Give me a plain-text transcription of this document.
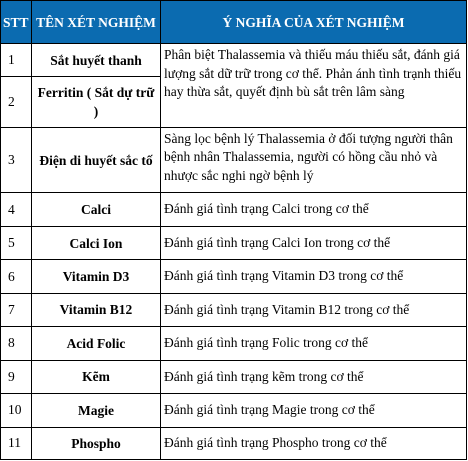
STT	TÊN XÉT NGHIỆM	Ý NGHĨA CỦA XÉT NGHIỆM
1	Sắt huyết thanh	Phân biệt Thalassemia và thiếu máu thiếu sắt, đánh giá lượng sắt dữ trữ trong cơ thể. Phản ánh tình trạnh thiếu hay thừa sắt, quyết định bù sắt trên lâm sàng
2	Ferritin ( Sắt dự trữ )	
3	Điện di huyết sắc tố	Sàng lọc bệnh lý Thalassemia ở đối tượng người thân bệnh nhân Thalassemia, người có hồng cầu nhỏ và nhược sắc nghi ngờ bệnh lý
4	Calci	Đánh giá tình trạng Calci trong cơ thể
5	Calci Ion	Đánh giá tình trạng Calci Ion trong cơ thể
6	Vitamin D3	Đánh giá tình trạng Vitamin D3 trong cơ thể
7	Vitamin B12	Đánh giá tình trạng Vitamin B12 trong cơ thể
8	Acid Folic	Đánh giá tình trạng Folic trong cơ thể
9	Kẽm	Đánh giá tình trạng kẽm trong cơ thể
10	Magie	Đánh giá tình trạng Magie trong cơ thể
11	Phospho	Đánh giá tình trạng Phospho trong cơ thể
